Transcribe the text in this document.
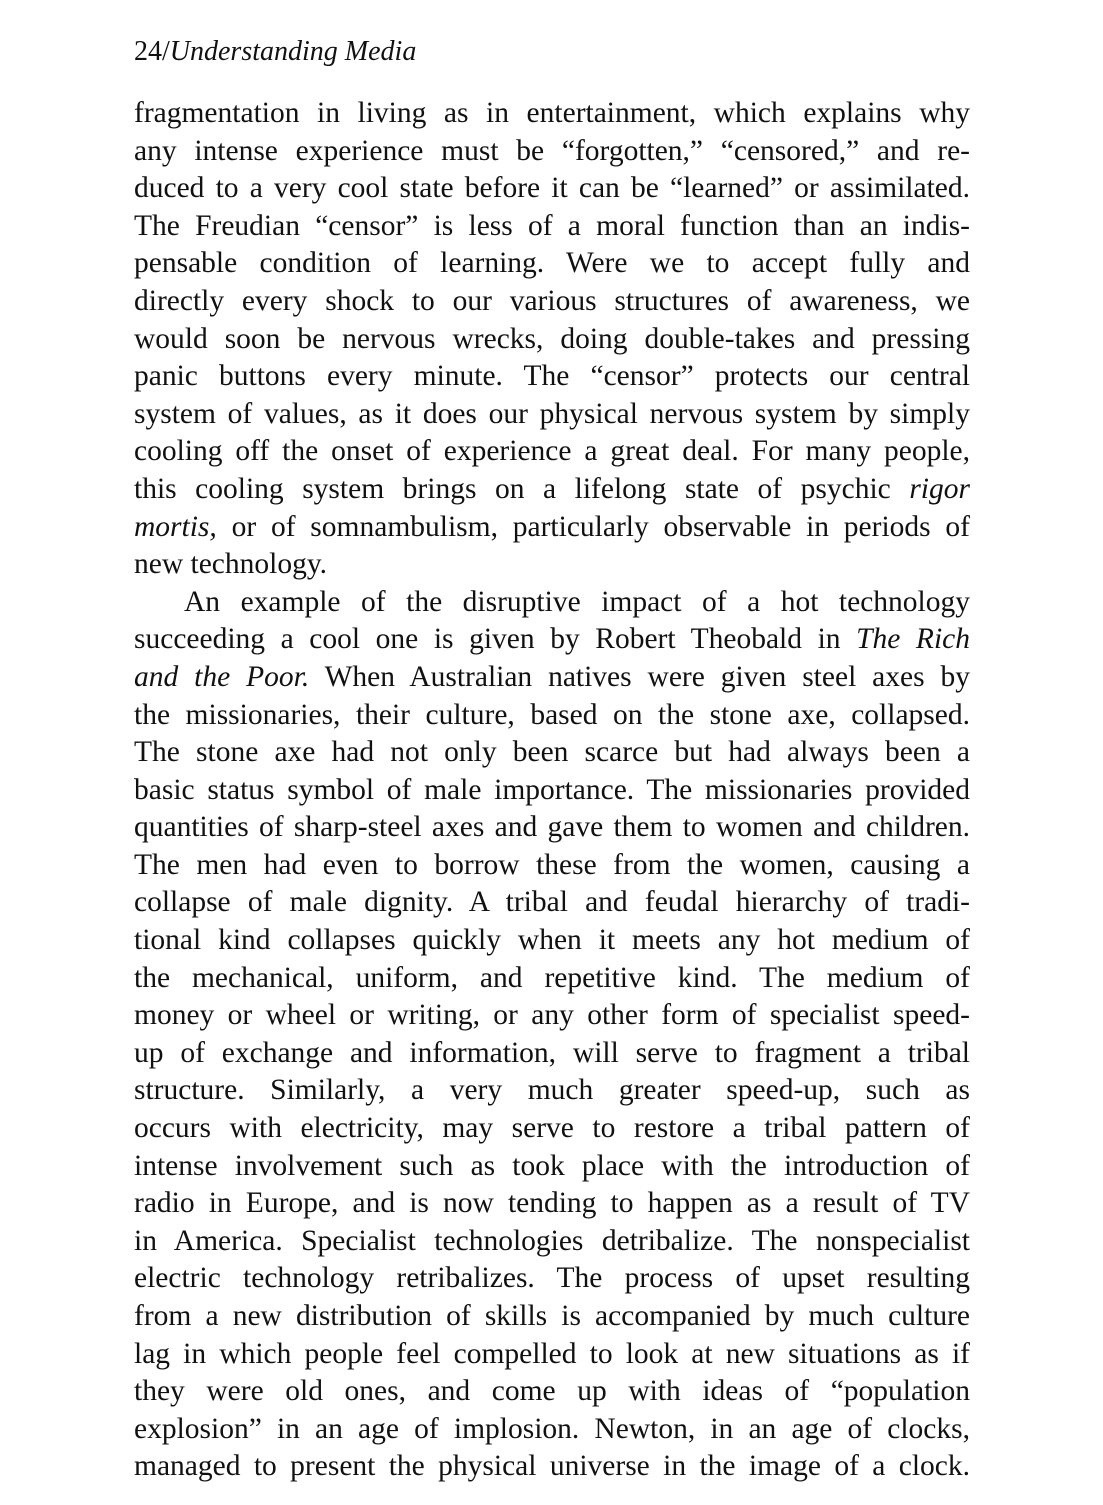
24/Understanding Media
fragmentation in living as in entertainment, which explains why
any intense experience must be “forgotten,” “censored,” and re-
duced to a very cool state before it can be “learned” or assimilated.
The Freudian “censor” is less of a moral function than an indis-
pensable condition of learning. Were we to accept fully and
directly every shock to our various structures of awareness, we
would soon be nervous wrecks, doing double-takes and pressing
panic buttons every minute. The “censor” protects our central
system of values, as it does our physical nervous system by simply
cooling off the onset of experience a great deal. For many people,
this cooling system brings on a lifelong state of psychic rigor
mortis, or of somnambulism, particularly observable in periods of
new technology.
An example of the disruptive impact of a hot technology
succeeding a cool one is given by Robert Theobald in The Rich
and the Poor. When Australian natives were given steel axes by
the missionaries, their culture, based on the stone axe, collapsed.
The stone axe had not only been scarce but had always been a
basic status symbol of male importance. The missionaries provided
quantities of sharp-steel axes and gave them to women and children.
The men had even to borrow these from the women, causing a
collapse of male dignity. A tribal and feudal hierarchy of tradi-
tional kind collapses quickly when it meets any hot medium of
the mechanical, uniform, and repetitive kind. The medium of
money or wheel or writing, or any other form of specialist speed-
up of exchange and information, will serve to fragment a tribal
structure. Similarly, a very much greater speed-up, such as
occurs with electricity, may serve to restore a tribal pattern of
intense involvement such as took place with the introduction of
radio in Europe, and is now tending to happen as a result of TV
in America. Specialist technologies detribalize. The nonspecialist
electric technology retribalizes. The process of upset resulting
from a new distribution of skills is accompanied by much culture
lag in which people feel compelled to look at new situations as if
they were old ones, and come up with ideas of “population
explosion” in an age of implosion. Newton, in an age of clocks,
managed to present the physical universe in the image of a clock.
